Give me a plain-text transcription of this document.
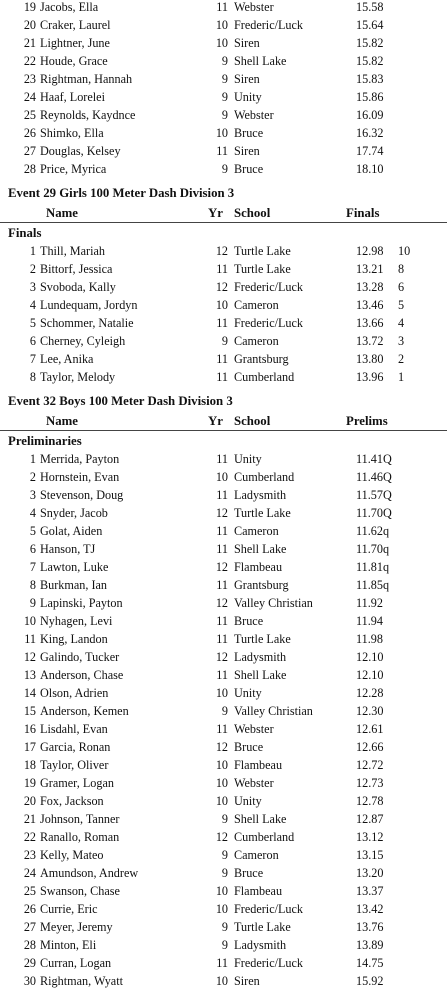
19 Jacobs, Ella	11 Webster	15.58
20 Craker, Laurel	10 Frederic/Luck	15.64
21 Lightner, June	10 Siren	15.82
22 Houde, Grace	9 Shell Lake	15.82
23 Rightman, Hannah	9 Siren	15.83
24 Haaf, Lorelei	9 Unity	15.86
25 Reynolds, Kaydnce	9 Webster	16.09
26 Shimko, Ella	10 Bruce	16.32
27 Douglas, Kelsey	11 Siren	17.74
28 Price, Myrica	9 Bruce	18.10
Event 29 Girls 100 Meter Dash Division 3
Name	Yr School	Finals
Finals
1 Thill, Mariah	12 Turtle Lake	12.98 10
2 Bittorf, Jessica	11 Turtle Lake	13.21 8
3 Svoboda, Kally	12 Frederic/Luck	13.28 6
4 Lundequam, Jordyn	10 Cameron	13.46 5
5 Schommer, Natalie	11 Frederic/Luck	13.66 4
6 Cherney, Cyleigh	9 Cameron	13.72 3
7 Lee, Anika	11 Grantsburg	13.80 2
8 Taylor, Melody	11 Cumberland	13.96 1
Event 32 Boys 100 Meter Dash Division 3
Name	Yr School	Prelims
Preliminaries
1 Merrida, Payton	11 Unity	11.41Q
2 Hornstein, Evan	10 Cumberland	11.46Q
3 Stevenson, Doug	11 Ladysmith	11.57Q
4 Snyder, Jacob	12 Turtle Lake	11.70Q
5 Golat, Aiden	11 Cameron	11.62q
6 Hanson, TJ	11 Shell Lake	11.70q
7 Lawton, Luke	12 Flambeau	11.81q
8 Burkman, Ian	11 Grantsburg	11.85q
9 Lapinski, Payton	12 Valley Christian	11.92
10 Nyhagen, Levi	11 Bruce	11.94
11 King, Landon	11 Turtle Lake	11.98
12 Galindo, Tucker	12 Ladysmith	12.10
13 Anderson, Chase	11 Shell Lake	12.10
14 Olson, Adrien	10 Unity	12.28
15 Anderson, Kemen	9 Valley Christian	12.30
16 Lisdahl, Evan	11 Webster	12.61
17 Garcia, Ronan	12 Bruce	12.66
18 Taylor, Oliver	10 Flambeau	12.72
19 Gramer, Logan	10 Webster	12.73
20 Fox, Jackson	10 Unity	12.78
21 Johnson, Tanner	9 Shell Lake	12.87
22 Ranallo, Roman	12 Cumberland	13.12
23 Kelly, Mateo	9 Cameron	13.15
24 Amundson, Andrew	9 Bruce	13.20
25 Swanson, Chase	10 Flambeau	13.37
26 Currie, Eric	10 Frederic/Luck	13.42
27 Meyer, Jeremy	9 Turtle Lake	13.76
28 Minton, Eli	9 Ladysmith	13.89
29 Curran, Logan	11 Frederic/Luck	14.75
30 Rightman, Wyatt	10 Siren	15.92
